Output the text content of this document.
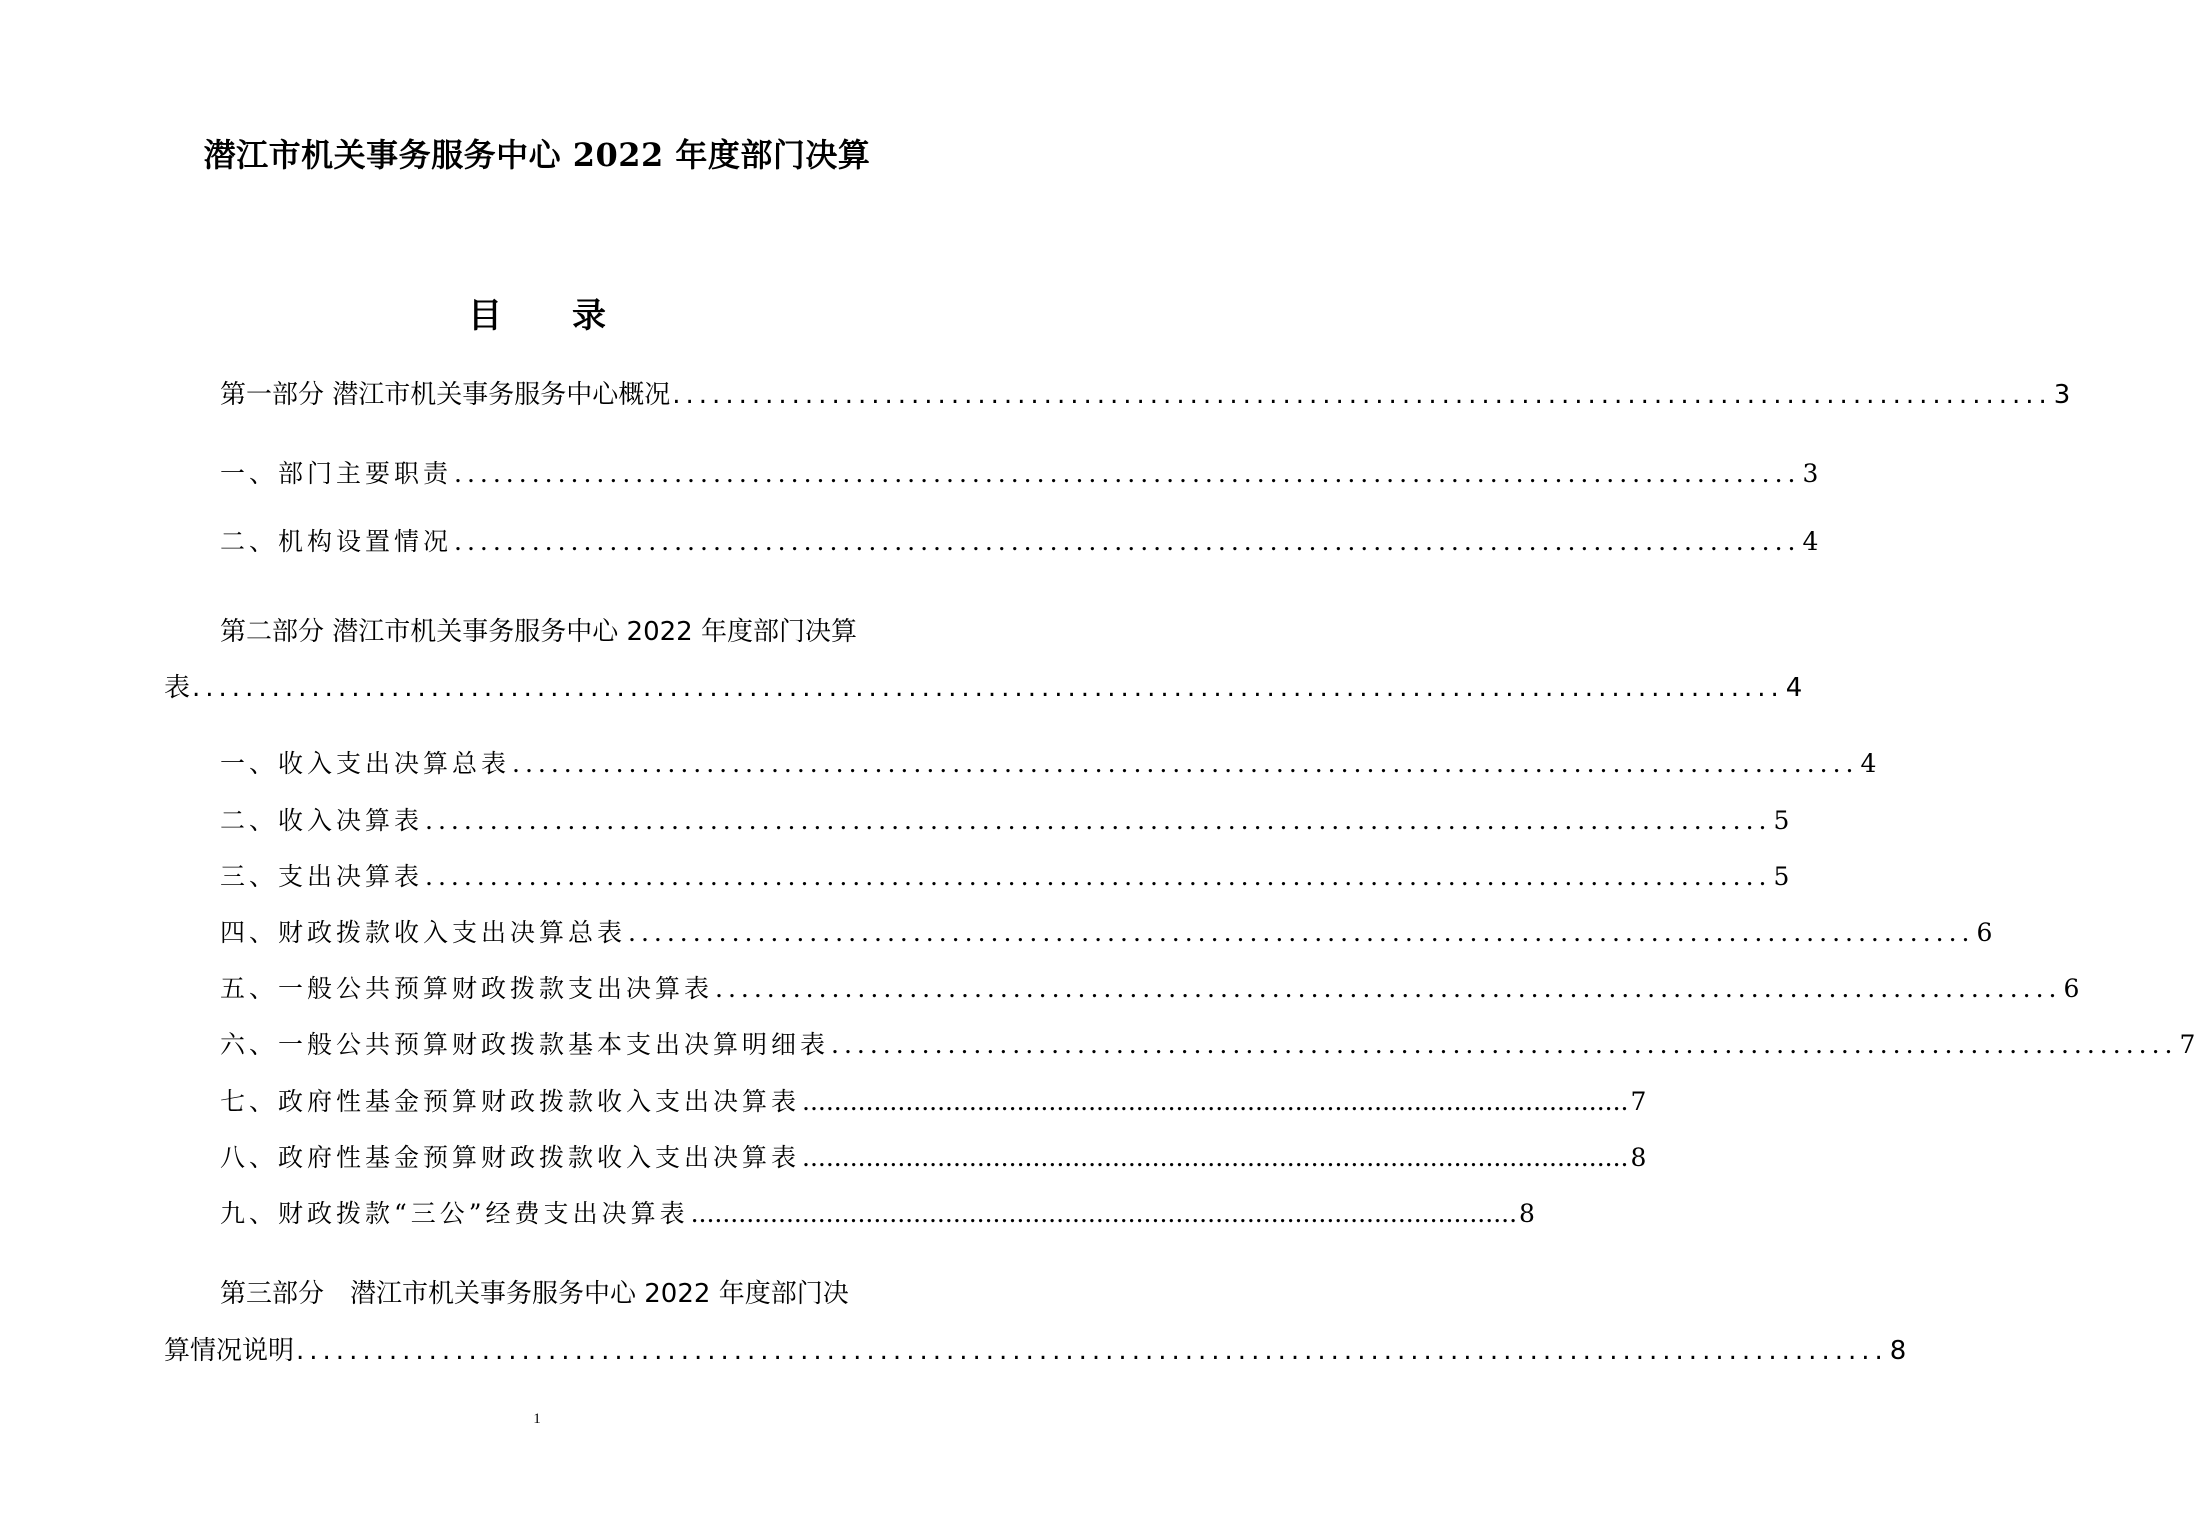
潜江市机关事务服务中心 2022 年度部门决算
目 录
第一部分 潜江市机关事务服务中心概况 ........................................................................................................ 3
一、部门主要职责 ........................................................................................................ 3
二、机构设置情况 ........................................................................................................ 4
第二部分 潜江市机关事务服务中心 2022 年度部门决算
表 ........................................................................................................................ 4
一、收入支出决算总表 ........................................................................................................ 4
二、收入决算表 ........................................................................................................ 5
三、支出决算表 ........................................................................................................ 5
四、财政拨款收入支出决算总表 ........................................................................................................ 6
五、一般公共预算财政拨款支出决算表 ........................................................................................................ 6
六、一般公共预算财政拨款基本支出决算明细表 ........................................................................................................ 7
七、政府性基金预算财政拨款收入支出决算表 ........................................................................................................ 7
八、政府性基金预算财政拨款收入支出决算表 ........................................................................................................ 8
九、财政拨款“三公”经费支出决算表 ........................................................................................................ 8
第三部分　潜江市机关事务服务中心 2022 年度部门决
算情况说明 ........................................................................................................................ 8
1
